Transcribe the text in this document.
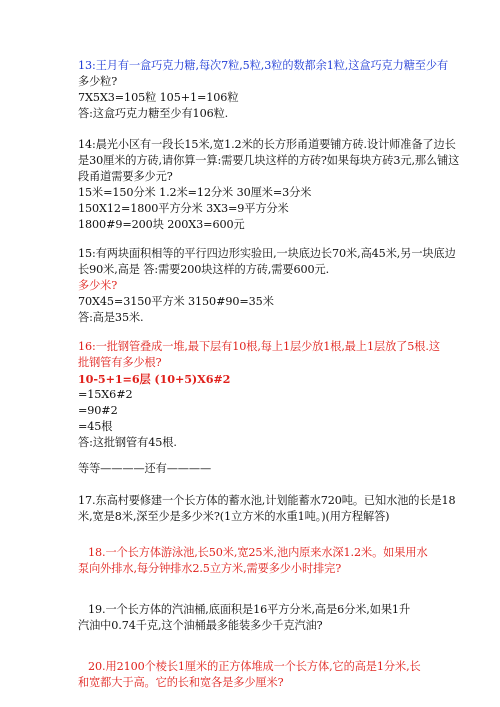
13:王月有一盒巧克力糖,每次7粒,5粒,3粒的数都余1粒,这盒巧克力糖至少有
多少粒?
7X5X3=105粒 105+1=106粒
答:这盒巧克力糖至少有106粒.
14:晨光小区有一段长15米,宽1.2米的长方形甬道要铺方砖.设计师准备了边长
是30厘米的方砖,请你算一算:需要几块这样的方砖?如果每块方砖3元,那么铺这
段甬道需要多少元?
15米=150分米 1.2米=12分米 30厘米=3分米
150X12=1800平方分米 3X3=9平方分米
1800#9=200块 200X3=600元
15:有两块面积相等的平行四边形实验田,一块底边长70米,高45米,另一块底边
长90米,高是 答:需要200块这样的方砖,需要600元.
多少米?
70X45=3150平方米 3150#90=35米
答:高是35米.
16:一批钢管叠成一堆,最下层有10根,每上1层少放1根,最上1层放了5根.这
批钢管有多少根?
10-5+1=6层 (10+5)X6#2
=15X6#2
=90#2
=45根
答:这批钢管有45根.
等等————还有————
17.东高村要修建一个长方体的蓄水池,计划能蓄水720吨。已知水池的长是18
米,宽是8米,深至少是多少米?(1立方米的水重1吨。)(用方程解答)
18.一个长方体游泳池,长50米,宽25米,池内原来水深1.2米。如果用水
泵向外排水,每分钟排水2.5立方米,需要多少小时排完?
19.一个长方体的汽油桶,底面积是16平方分米,高是6分米,如果1升
汽油中0.74千克,这个油桶最多能装多少千克汽油?
20.用2100个棱长1厘米的正方体堆成一个长方体,它的高是1分米,长
和宽都大于高。它的长和宽各是多少厘米?
